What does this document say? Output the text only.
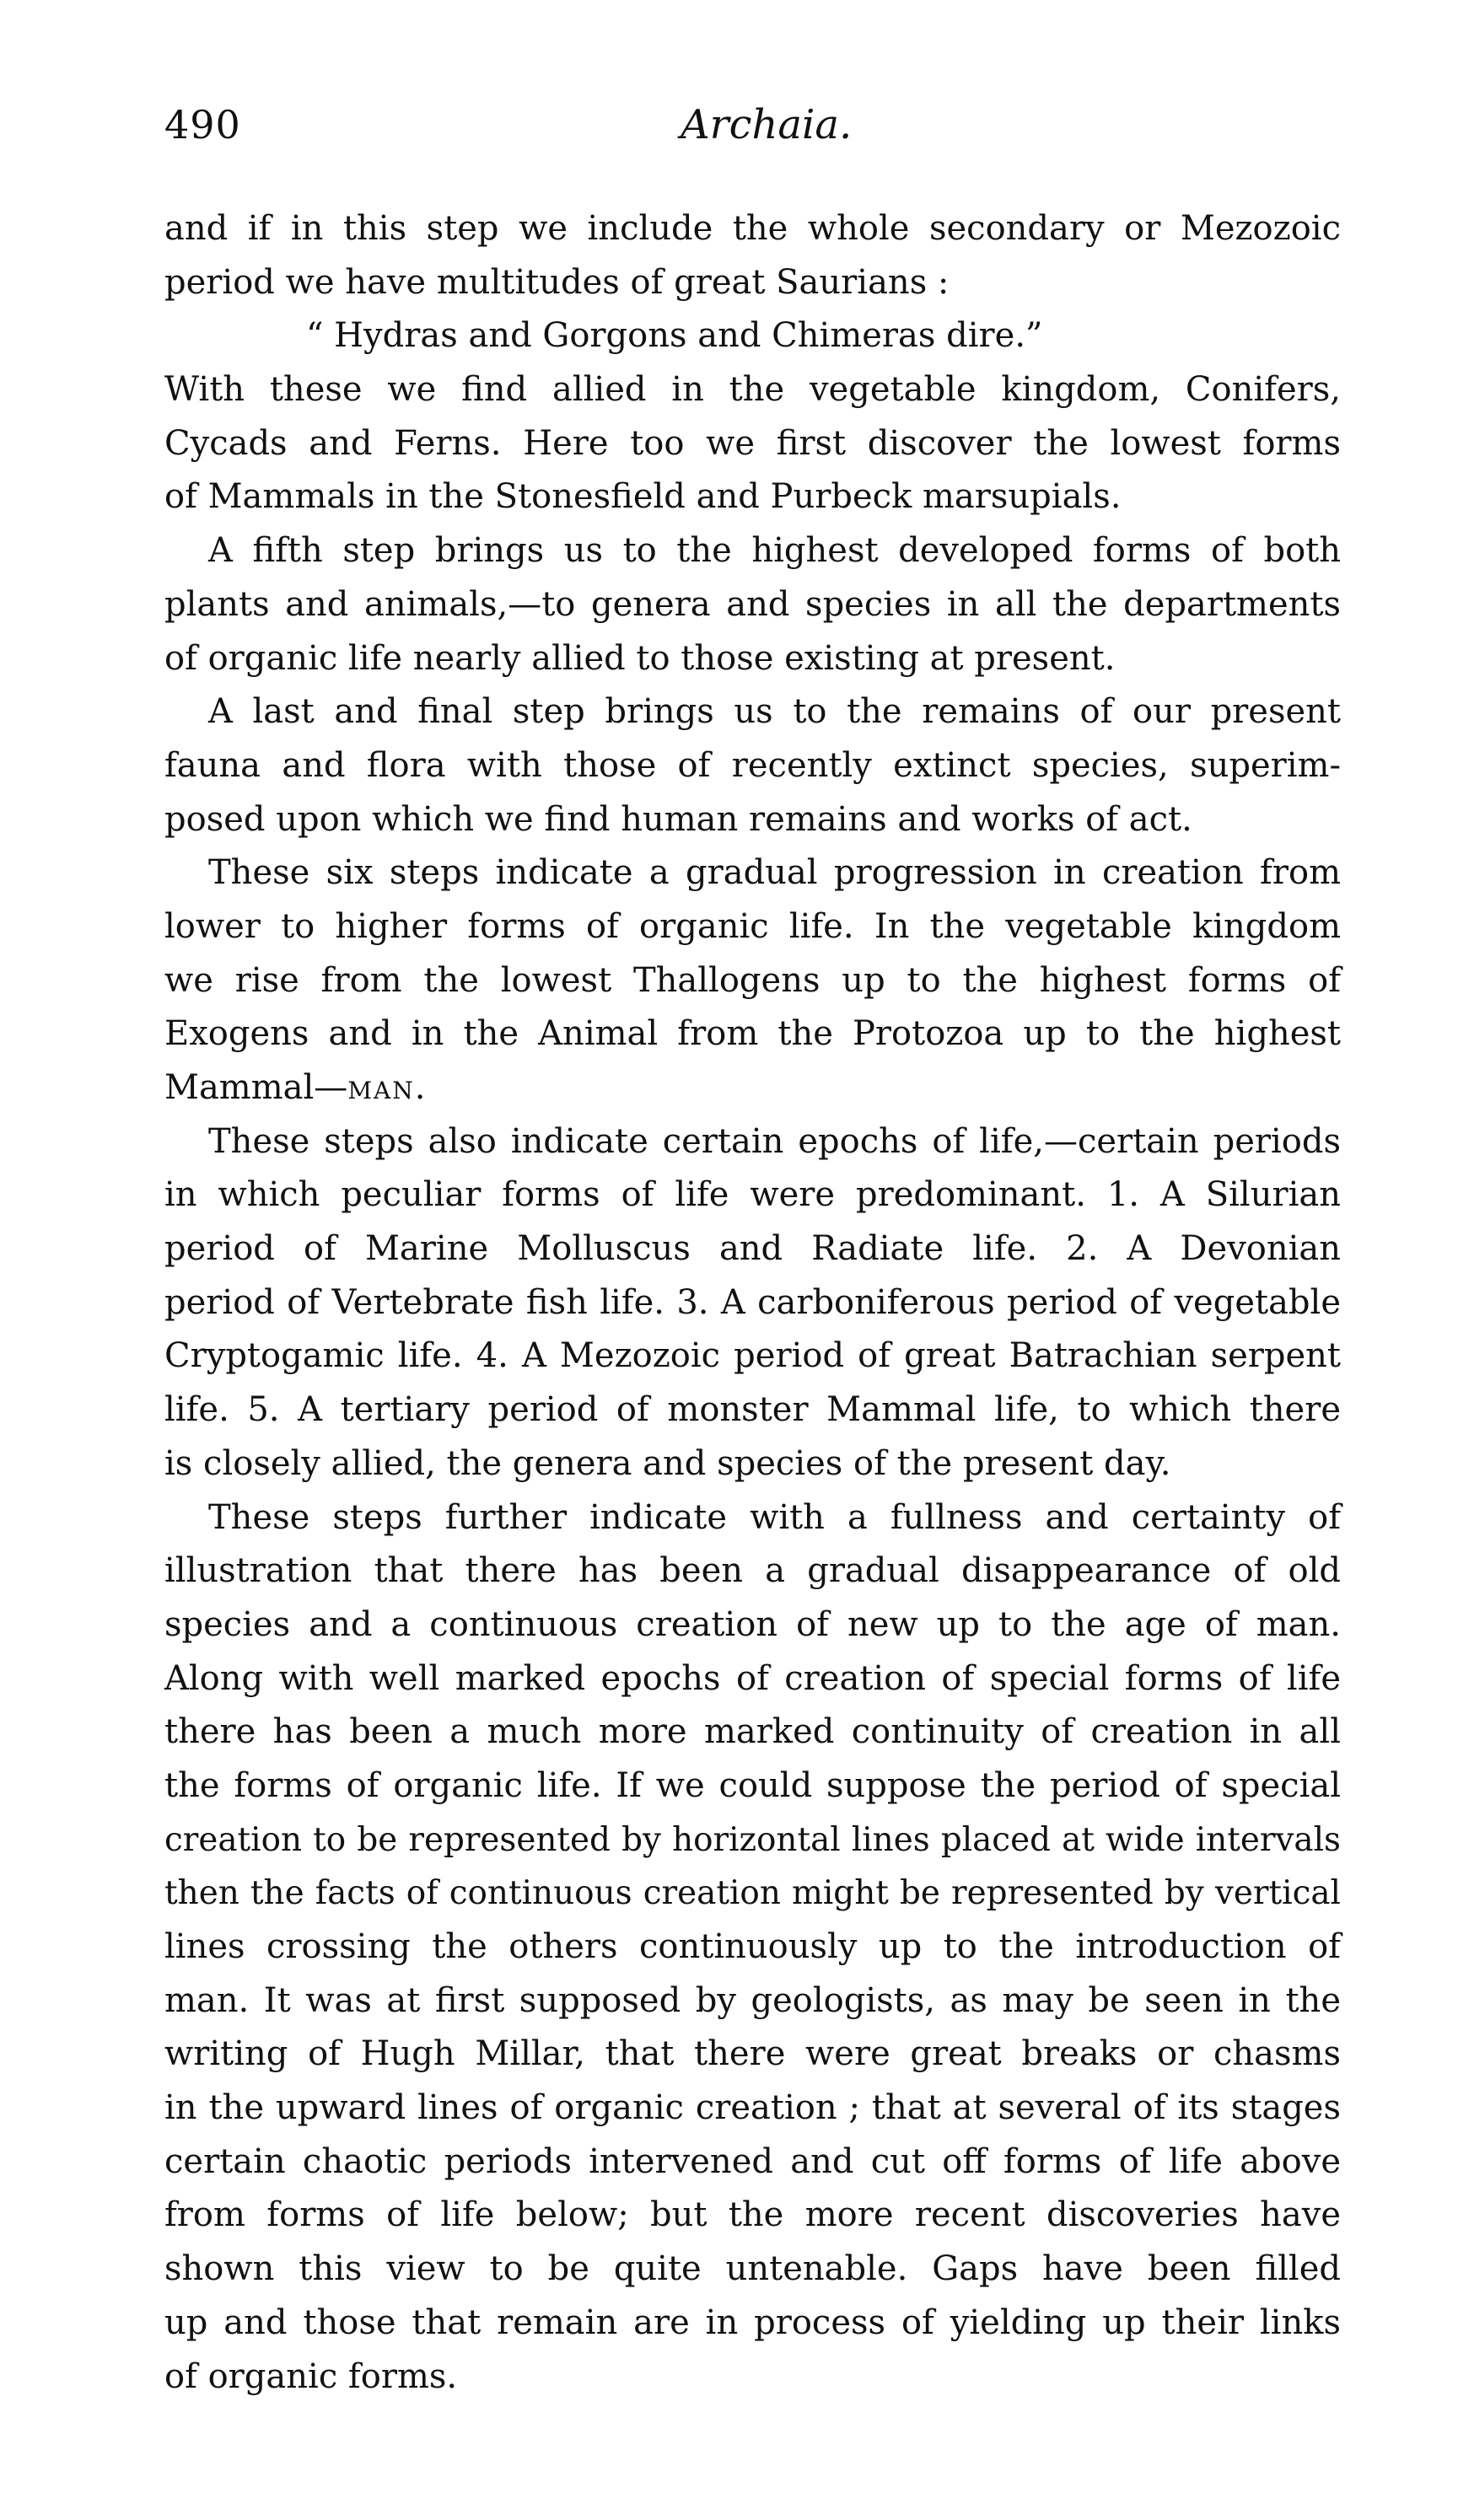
490	Archaia.
and if in this step we include the whole secondary or Mezozoic
period we have multitudes of great Saurians :
“ Hydras and Gorgons and Chimeras dire.”
With these we find allied in the vegetable kingdom, Conifers,
Cycads and Ferns. Here too we first discover the lowest forms
of Mammals in the Stonesfield and Purbeck marsupials.
A fifth step brings us to the highest developed forms of both
plants and animals,—to genera and species in all the departments
of organic life nearly allied to those existing at present.
A last and final step brings us to the remains of our present
fauna and flora with those of recently extinct species, superim-
posed upon which we find human remains and works of act.
These six steps indicate a gradual progression in creation from
lower to higher forms of organic life. In the vegetable kingdom
we rise from the lowest Thallogens up to the highest forms of
Exogens and in the Animal from the Protozoa up to the highest
Mammal—man.
These steps also indicate certain epochs of life,—certain periods
in which peculiar forms of life were predominant. 1. A Silurian
period of Marine Molluscus and Radiate life. 2. A Devonian
period of Vertebrate fish life. 3. A carboniferous period of vegetable
Cryptogamic life. 4. A Mezozoic period of great Batrachian serpent
life. 5. A tertiary period of monster Mammal life, to which there
is closely allied, the genera and species of the present day.
These steps further indicate with a fullness and certainty of
illustration that there has been a gradual disappearance of old
species and a continuous creation of new up to the age of man.
Along with well marked epochs of creation of special forms of life
there has been a much more marked continuity of creation in all
the forms of organic life. If we could suppose the period of special
creation to be represented by horizontal lines placed at wide intervals
then the facts of continuous creation might be represented by vertical
lines crossing the others continuously up to the introduction of
man. It was at first supposed by geologists, as may be seen in the
writing of Hugh Millar, that there were great breaks or chasms
in the upward lines of organic creation ; that at several of its stages
certain chaotic periods intervened and cut off forms of life above
from forms of life below; but the more recent discoveries have
shown this view to be quite untenable. Gaps have been filled
up and those that remain are in process of yielding up their links
of organic forms.
